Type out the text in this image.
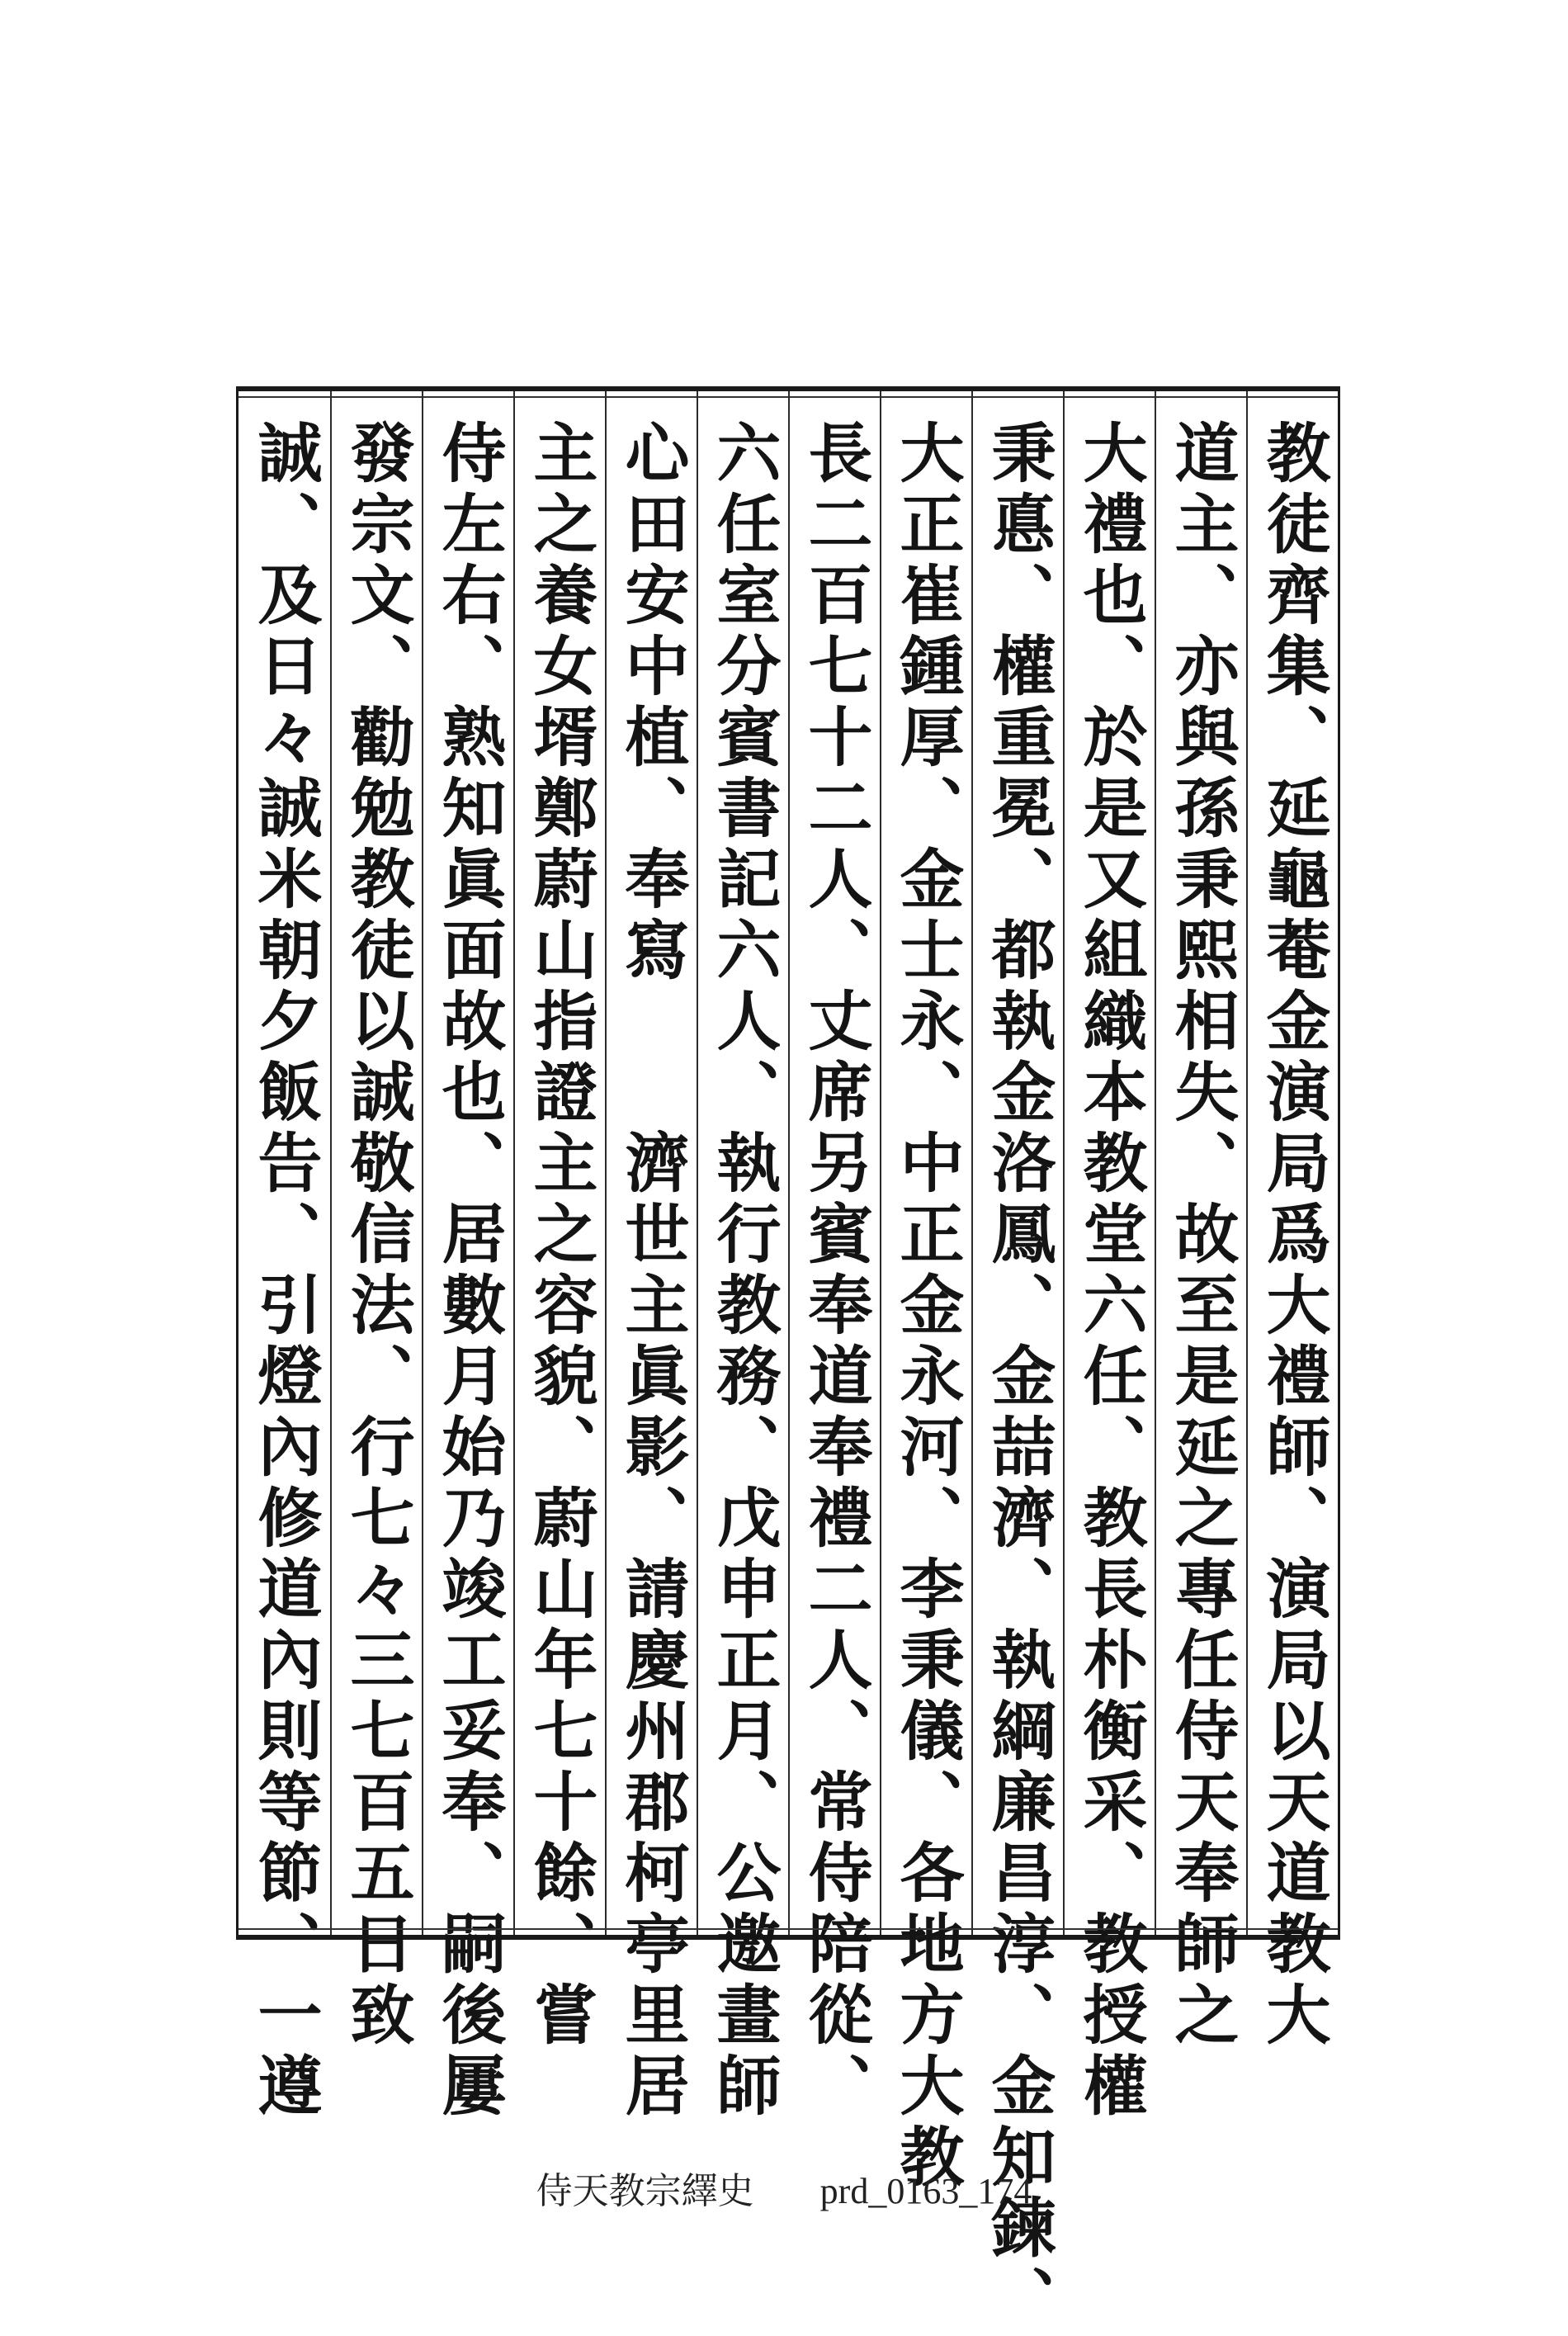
教徒齊集、延龜菴金演局爲大禮師、演局以天道教大
道主、亦與孫秉熙相失、故至是延之專任侍天奉師之
大禮也、於是又組織本教堂六任、教長朴衡采、教授權
秉悳、權重冕、都執金洛鳳、金喆濟、執綱廉昌淳、金知鍊、
大正崔鍾厚、金士永、中正金永河、李秉儀、各地方大教
長二百七十二人、丈席另賓奉道奉禮二人、常侍陪從、
六任室分賓書記六人、執行教務、戊申正月、公邀畫師
心田安中植、奉寫　　濟世主眞影、請慶州郡柯亭里居
主之養女壻鄭蔚山指證主之容貌、蔚山年七十餘、嘗
侍左右、熟知眞面故也、居數月始乃竣工妥奉、嗣後屢
發宗文、勸勉教徒以誠敬信法、行七々三七百五日致
誠、及日々誠米朝夕飯告、引燈內修道內則等節、一遵
侍天教宗繹史 prd_0163_174
